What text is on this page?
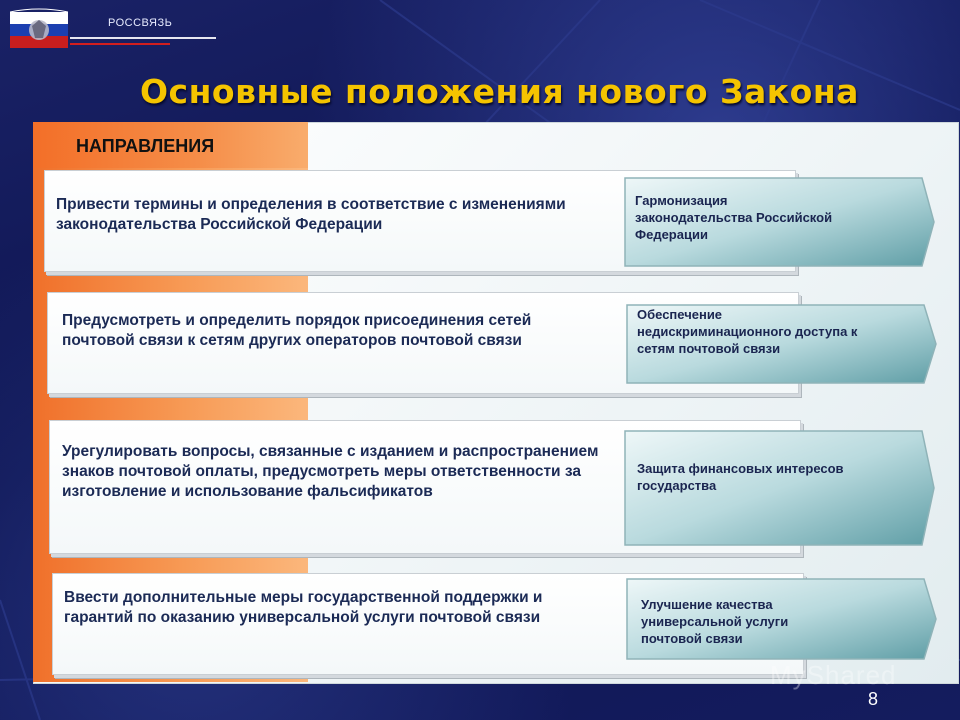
РОССВЯЗЬ
Основные положения нового Закона
НАПРАВЛЕНИЯ
Привести термины и определения в соответствие с изменениями законодательства Российской Федерации
Гармонизация законодательства Российской Федерации
Предусмотреть и определить порядок присоединения сетей почтовой связи к сетям других операторов почтовой связи
Обеспечение недискриминационного доступа к сетям почтовой связи
Урегулировать вопросы, связанные с изданием и распространением знаков почтовой оплаты, предусмотреть меры ответственности за изготовление и использование фальсификатов
Защита финансовых интересов государства
Ввести дополнительные меры государственной поддержки и гарантий по оказанию универсальной услуги почтовой связи
Улучшение качества универсальной услуги почтовой связи
MyShared
8
